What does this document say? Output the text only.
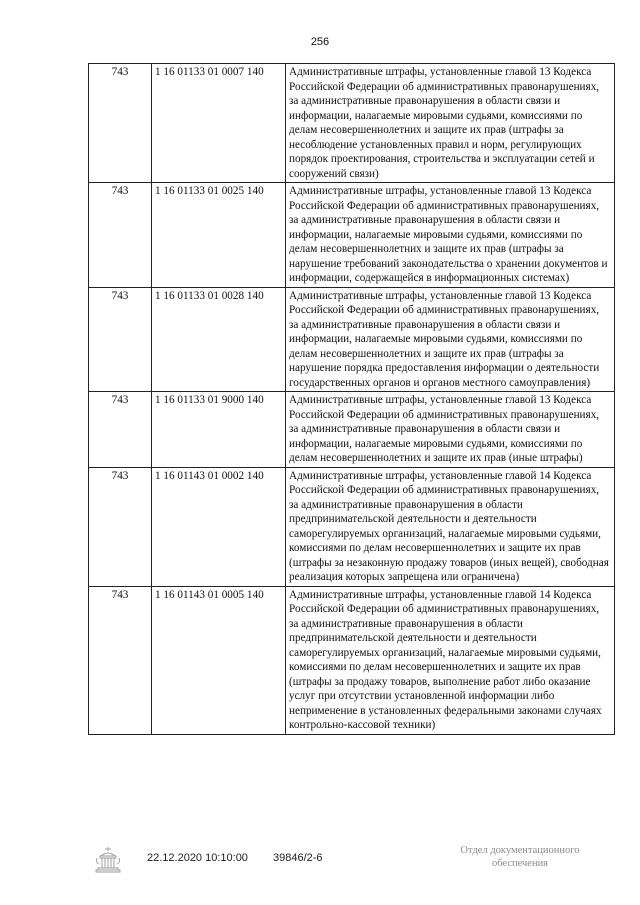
256
743	1 16 01133 01 0007 140	Административные штрафы, установленные главой 13 Кодекса Российской Федерации об административных правонарушениях, за административные правонарушения в области связи и информации, налагаемые мировыми судьями, комиссиями по делам несовершеннолетних и защите их прав (штрафы за несоблюдение установленных правил и норм, регулирующих порядок проектирования, строительства и эксплуатации сетей и сооружений связи)
743	1 16 01133 01 0025 140	Административные штрафы, установленные главой 13 Кодекса Российской Федерации об административных правонарушениях, за административные правонарушения в области связи и информации, налагаемые мировыми судьями, комиссиями по делам несовершеннолетних и защите их прав (штрафы за нарушение требований законодательства о хранении документов и информации, содержащейся в информационных системах)
743	1 16 01133 01 0028 140	Административные штрафы, установленные главой 13 Кодекса Российской Федерации об административных правонарушениях, за административные правонарушения в области связи и информации, налагаемые мировыми судьями, комиссиями по делам несовершеннолетних и защите их прав (штрафы за нарушение порядка предоставления информации о деятельности государственных органов и органов местного самоуправления)
743	1 16 01133 01 9000 140	Административные штрафы, установленные главой 13 Кодекса Российской Федерации об административных правонарушениях, за административные правонарушения в области связи и информации, налагаемые мировыми судьями, комиссиями по делам несовершеннолетних и защите их прав (иные штрафы)
743	1 16 01143 01 0002 140	Административные штрафы, установленные главой 14 Кодекса Российской Федерации об административных правонарушениях, за административные правонарушения в области предпринимательской деятельности и деятельности саморегулируемых организаций, налагаемые мировыми судьями, комиссиями по делам несовершеннолетних и защите их прав (штрафы за незаконную продажу товаров (иных вещей), свободная реализация которых запрещена или ограничена)
743	1 16 01143 01 0005 140	Административные штрафы, установленные главой 14 Кодекса Российской Федерации об административных правонарушениях, за административные правонарушения в области предпринимательской деятельности и деятельности саморегулируемых организаций, налагаемые мировыми судьями, комиссиями по делам несовершеннолетних и защите их прав (штрафы за продажу товаров, выполнение работ либо оказание услуг при отсутствии установленной информации либо неприменение в установленных федеральными законами случаях контрольно-кассовой техники)
22.12.2020 10:10:00 39846/2-6
Отдел документационного
обеспечения
